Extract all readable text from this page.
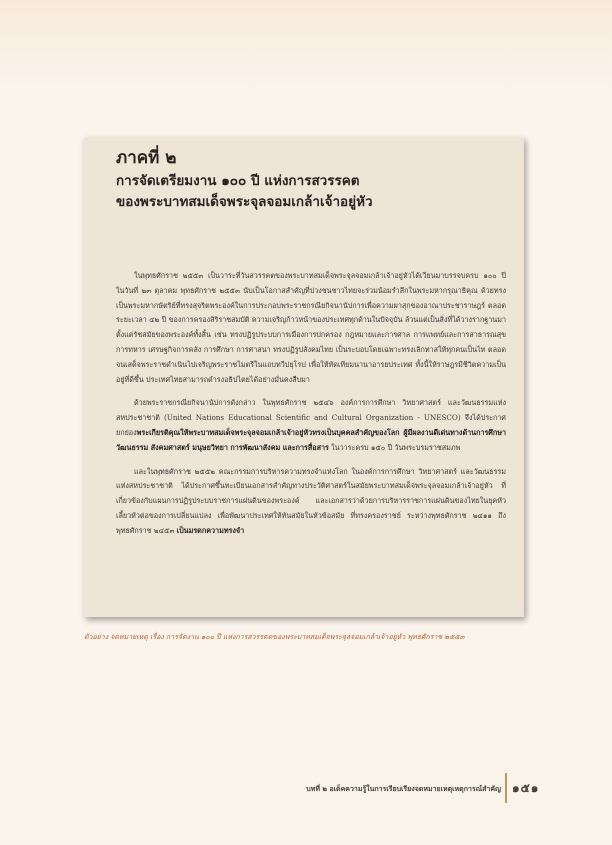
ภาคที่ ๒
การจัดเตรียมงาน ๑๐๐ ปี แห่งการสวรรคต
ของพระบาทสมเด็จพระจุลจอมเกล้าเจ้าอยู่หัว

ในพุทธศักราช ๒๕๕๓ เป็นวาระที่วันสวรรคตของพระบาทสมเด็จพระจุลจอมเกล้าเจ้าอยู่หัวได้เวียนมาบรรจบครบ ๑๐๐ ปี ในวันที่ ๒๓ ตุลาคม พุทธศักราช ๒๕๕๓ นับเป็นโอกาสสำคัญที่ปวงชนชาวไทยจะร่วมน้อมรำลึกในพระมหากรุณาธิคุณ ด้วยทรงเป็นพระมหากษัตริย์ที่ทรงสุจริตพระองค์ในการประกอบพระราชกรณียกิจนานัปการเพื่อความผาสุกของอาณาประชาราษฎร์ ตลอดระยะเวลา ๔๒ ปี ของการครองสิริราชสมบัติ ความเจริญก้าวหน้าของประเทศทุกด้านในปัจจุบัน ล้วนแต่เป็นสิ่งที่ได้วางรากฐานมาตั้งแต่รัชสมัยของพระองค์ทั้งสิ้น เช่น ทรงปฏิรูประบบการเมืองการปกครอง กฎหมายและการศาล การแพทย์และการสาธารณสุข การทหาร เศรษฐกิจการคลัง การศึกษา การศาสนา ทรงปฏิรูปสังคมไทย เป็นระบอบโดยเฉพาะทรงเลิกทาสให้ทุกคนเป็นไท ตลอดจนเสด็จพระราชดำเนินไปเจริญพระราชไมตรีในแถบทวีปยุโรป เพื่อให้ทัดเทียมนานาอารยประเทศ ทั้งนี้ให้ราษฎรมีชีวิตความเป็นอยู่ที่ดีขึ้น ประเทศไทยสามารถดำรงอธิปไตยได้อย่างมั่นคงสืบมา

ด้วยพระราชกรณียกิจนานัปการดังกล่าว ในพุทธศักราช ๒๕๔๖ องค์การการศึกษา วิทยาศาสตร์ และวัฒนธรรมแห่งสหประชาชาติ (United Nations Educational Scientific and Cultural Organization - UNESCO) จึงได้ประกาศยกย่องพระเกียรติคุณให้พระบาทสมเด็จพระจุลจอมเกล้าเจ้าอยู่หัวทรงเป็นบุคคลสำคัญของโลก ผู้มีผลงานดีเด่นทางด้านการศึกษา วัฒนธรรม สังคมศาสตร์ มนุษยวิทยา การพัฒนาสังคม และการสื่อสาร ในวาระครบ ๑๕๐ ปี วันพระบรมราชสมภพ

และในพุทธศักราช ๒๕๕๒ คณะกรรมการบริหารความทรงจำแห่งโลก ในองค์การการศึกษา วิทยาศาสตร์ และวัฒนธรรมแห่งสหประชาชาติ ได้ประกาศขึ้นทะเบียนเอกสารสำคัญทางประวัติศาสตร์ในสมัยพระบาทสมเด็จพระจุลจอมเกล้าเจ้าอยู่หัว ที่เกี่ยวข้องกับแผนการปฏิรูประบบราชการแผ่นดินของพระองค์ และเอกสารว่าด้วยการบริหารราชการแผ่นดินของไทยในยุคหัวเลี้ยวหัวต่อของการเปลี่ยนแปลง เพื่อพัฒนาประเทศให้ทันสมัยในหัวข้อสมัย ที่ทรงครองราชย์ ระหว่างพุทธศักราช ๒๔๑๑ ถึงพุทธศักราช ๒๔๕๓ เป็นมรดกความทรงจำ

ตัวอย่าง จดหมายเหตุ เรื่อง การจัดงาน ๑๐๐ ปี แห่งการสวรรคตของพระบาทสมเด็จพระจุลจอมเกล้าเจ้าอยู่หัว พุทธศักราช ๒๕๕๓
บทที่ ๒ อเด็คความรู้ในการเรียบเรียงจดหมายเหตุเหตุการณ์สำคัญ ๑๕๑
